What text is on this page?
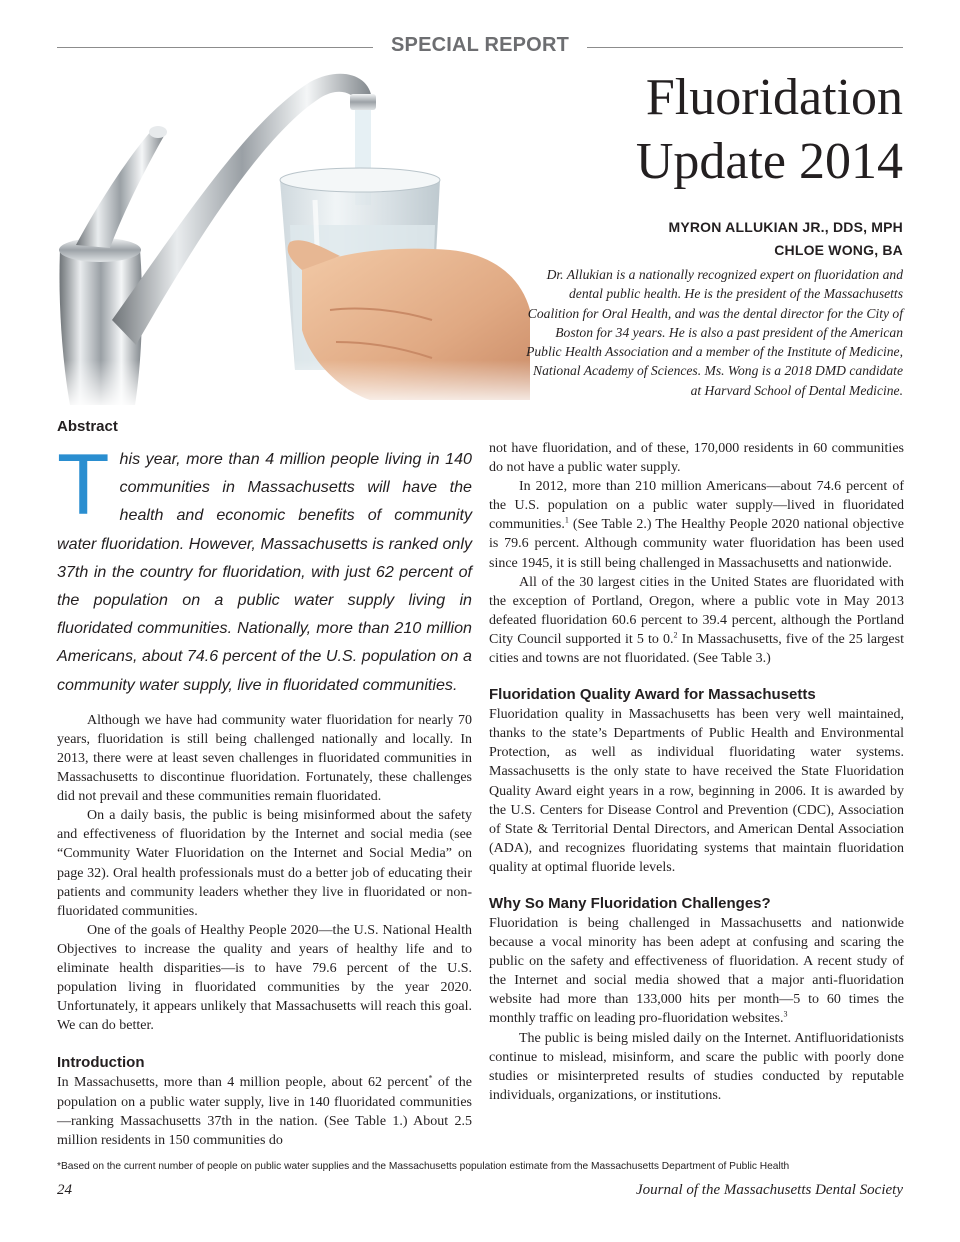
SPECIAL REPORT
Fluoridation
Update 2014
MYRON ALLUKIAN JR., DDS, MPH
CHLOE WONG, BA
Dr. Allukian is a nationally recognized expert on fluoridation and dental public health. He is the president of the Massachusetts Coalition for Oral Health, and was the dental director for the City of Boston for 34 years. He is also a past president of the American Public Health Association and a member of the Institute of Medicine, National Academy of Sciences. Ms. Wong is a 2018 DMD candidate at Harvard School of Dental Medicine.
Abstract
This year, more than 4 million people living in 140 communities in Massachusetts will have the health and economic benefits of community water fluoridation. However, Massachusetts is ranked only 37th in the country for fluoridation, with just 62 percent of the population on a public water supply living in fluoridated communities. Nationally, more than 210 million Americans, about 74.6 percent of the U.S. population on a community water supply, live in fluoridated communities.

Although we have had community water fluoridation for nearly 70 years, fluoridation is still being challenged nationally and locally. In 2013, there were at least seven challenges in fluoridated communities in Massachusetts to discontinue fluoridation. Fortunately, these challenges did not prevail and these communities remain fluoridated.

On a daily basis, the public is being misinformed about the safety and effectiveness of fluoridation by the Internet and social media (see “Community Water Fluoridation on the Internet and Social Media” on page 32). Oral health professionals must do a better job of educating their patients and community leaders whether they live in fluoridated or non-fluoridated communities.

One of the goals of Healthy People 2020—the U.S. National Health Objectives to increase the quality and years of healthy life and to eliminate health disparities—is to have 79.6 percent of the U.S. population living in fluoridated communities by the year 2020. Unfortunately, it appears unlikely that Massachusetts will reach this goal. We can do better.

Introduction

In Massachusetts, more than 4 million people, about 62 percent* of the population on a public water supply, live in 140 fluoridated communities—ranking Massachusetts 37th in the nation. (See Table 1.) About 2.5 million residents in 150 communities do

not have fluoridation, and of these, 170,000 residents in 60 communities do not have a public water supply.

In 2012, more than 210 million Americans—about 74.6 percent of the U.S. population on a public water supply—lived in fluoridated communities.$^1$ (See Table 2.) The Healthy People 2020 national objective is 79.6 percent. Although community water fluoridation has been used since 1945, it is still being challenged in Massachusetts and nationwide.

All of the 30 largest cities in the United States are fluoridated with the exception of Portland, Oregon, where a public vote in May 2013 defeated fluoridation 60.6 percent to 39.4 percent, although the Portland City Council supported it 5 to 0.$^2$ In Massachusetts, five of the 25 largest cities and towns are not fluoridated. (See Table 3.)

Fluoridation Quality Award for Massachusetts

Fluoridation quality in Massachusetts has been very well maintained, thanks to the state’s Departments of Public Health and Environmental Protection, as well as individual fluoridating water systems. Massachusetts is the only state to have received the State Fluoridation Quality Award eight years in a row, beginning in 2006. It is awarded by the U.S. Centers for Disease Control and Prevention (CDC), Association of State & Territorial Dental Directors, and American Dental Association (ADA), and recognizes fluoridating systems that maintain fluoridation quality at optimal fluoride levels.

Why So Many Fluoridation Challenges?

Fluoridation is being challenged in Massachusetts and nationwide because a vocal minority has been adept at confusing and scaring the public on the safety and effectiveness of fluoridation. A recent study of the Internet and social media showed that a major anti-fluoridation website had more than 133,000 hits per month—5 to 60 times the monthly traffic on leading pro-fluoridation websites.$^3$

The public is being misled daily on the Internet. Antifluoridationists continue to mislead, misinform, and scare the public with poorly done studies or misinterpreted results of studies conducted by reputable individuals, organizations, or institutions.

*Based on the current number of people on public water supplies and the Massachusetts population estimate from the Massachusetts Department of Public Health
24	Journal of the Massachusetts Dental Society
